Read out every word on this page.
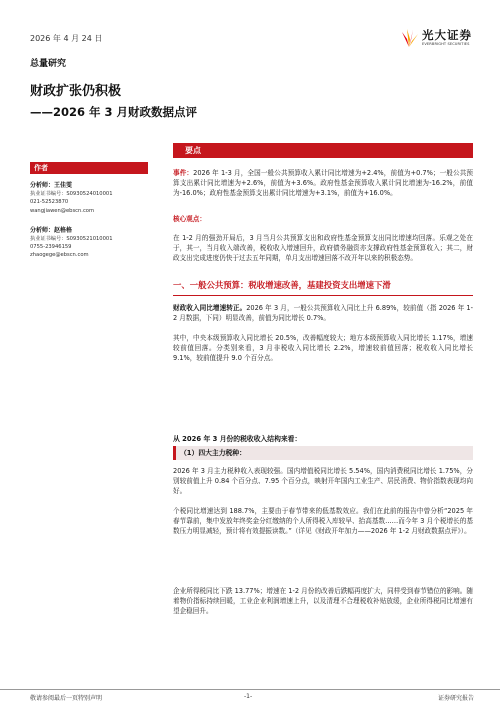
2026 年 4 月 24 日	光大证券
EVERBRIGHT SECURITIES
总量研究
财政扩张仍积极
——2026 年 3 月财政数据点评
作者
分析师：王佳雯
执业证书编号：S0930524010001
021-52523870
wangjiawen@ebscn.com
分析师：赵格格
执业证书编号：S0930521010001
0755-23946159
zhaogege@ebscn.com
要点
事件：2026 年 1-3 月，全国一般公共预算收入累计同比增速为+2.4%，前值为+0.7%；一般公共预算支出累计同比增速为+2.6%，前值为+3.6%。政府性基金预算收入累计同比增速为-16.2%，前值为-16.0%；政府性基金预算支出累计同比增速为+3.1%，前值为+16.0%。
核心观点：
在 1-2 月的强劲开局后，3 月当月公共预算支出和政府性基金预算支出同比增速均回落。乐观之处在于，其一，当月收入端改善，税收收入增速回升，政府债务融资亦支撑政府性基金预算收入；其二，财政支出完成进度仍快于过去五年同期，单月支出增速回落不改开年以来的积极态势。
一、一般公共预算：税收增速改善，基建投资支出增速下滑
财政收入同比增速转正。2026 年 3 月，一般公共预算收入同比上升 6.89%，较前值（指 2026 年 1-2 月数据，下同）明显改善，前值为同比增长 0.7%。
其中，中央本级预算收入同比增长 20.5%，改善幅度较大；地方本级预算收入同比增长 1.17%，增速较前值回落。分类别来看，3 月非税收入同比增长 2.2%，增速较前值回落；税收收入同比增长 9.1%，较前值提升 9.0 个百分点。
从 2026 年 3 月份的税收收入结构来看：
（1）四大主力税种：
2026 年 3 月主力税种收入表现较强。国内增值税同比增长 5.54%，国内消费税同比增长 1.75%，分别较前值上升 0.84 个百分点、7.95 个百分点，映射开年国内工业生产、居民消费、物价指数表现均向好。
个税同比增速达到 188.7%，主要由于春节带来的低基数效应。我们在此前的报告中曾分析“2025 年春节靠前，集中发放年终奖金分红缴纳的个人所得税入库较早、抬高基数……而今年 3 月个税增长的基数压力明显减轻，预计将有效提振读数。”（详见《财政开年加力——2026 年 1-2 月财政数据点评》）。
企业所得税同比下跌 13.77%；增速在 1-2 月份的改善后跌幅再度扩大，同样受到春节错位的影响。随着物价指标持续回暖，工业企业利润增速上升，以及清理不合理税收补贴放缓，企业所得税同比增速有望企稳回升。
敬请参阅最后一页特别声明	-1-	证券研究报告
